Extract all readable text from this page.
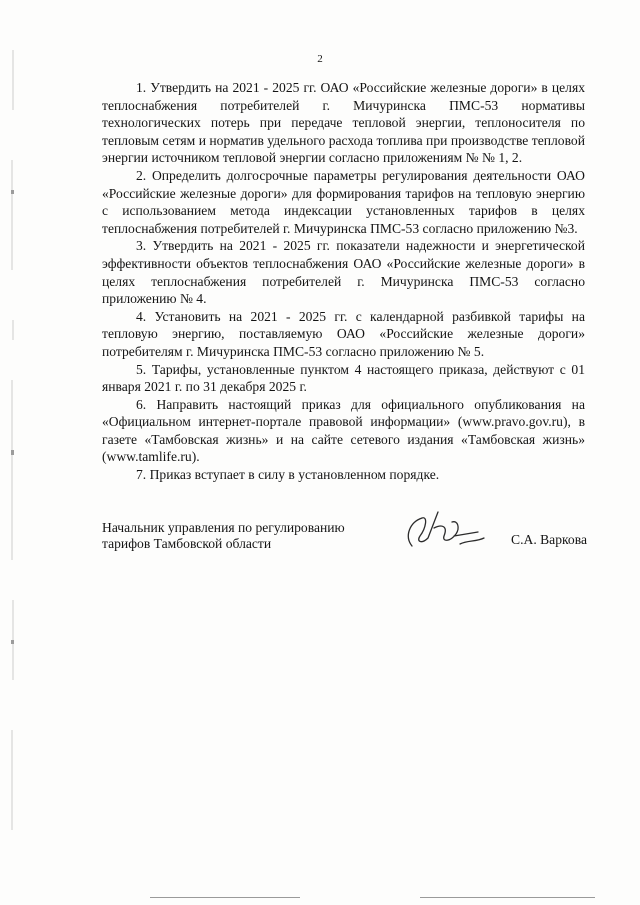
2

1. Утвердить на 2021 - 2025 гг. ОАО «Российские железные дороги» в целях теплоснабжения потребителей г. Мичуринска ПМС-53 нормативы технологических потерь при передаче тепловой энергии, теплоносителя по тепловым сетям и норматив удельного расхода топлива при производстве тепловой энергии источником тепловой энергии согласно приложениям № № 1, 2.

2. Определить долгосрочные параметры регулирования деятельности ОАО «Российские железные дороги» для формирования тарифов на тепловую энергию с использованием метода индексации установленных тарифов в целях теплоснабжения потребителей г. Мичуринска ПМС-53 согласно приложению №3.

3. Утвердить на 2021 - 2025 гг. показатели надежности и энергетической эффективности объектов теплоснабжения ОАО «Российские железные дороги» в целях теплоснабжения потребителей г. Мичуринска ПМС-53 согласно приложению № 4.

4. Установить на 2021 - 2025 гг. с календарной разбивкой тарифы на тепловую энергию, поставляемую ОАО «Российские железные дороги» потребителям г. Мичуринска ПМС-53 согласно приложению № 5.

5. Тарифы, установленные пунктом 4 настоящего приказа, действуют с 01 января 2021 г. по 31 декабря 2025 г.

6. Направить настоящий приказ для официального опубликования на «Официальном интернет-портале правовой информации» (www.pravo.gov.ru), в газете «Тамбовская жизнь» и на сайте сетевого издания «Тамбовская жизнь» (www.tamlife.ru).

7. Приказ вступает в силу в установленном порядке.

Начальник управления по регулированию
тарифов Тамбовской области	С.А. Варкова
